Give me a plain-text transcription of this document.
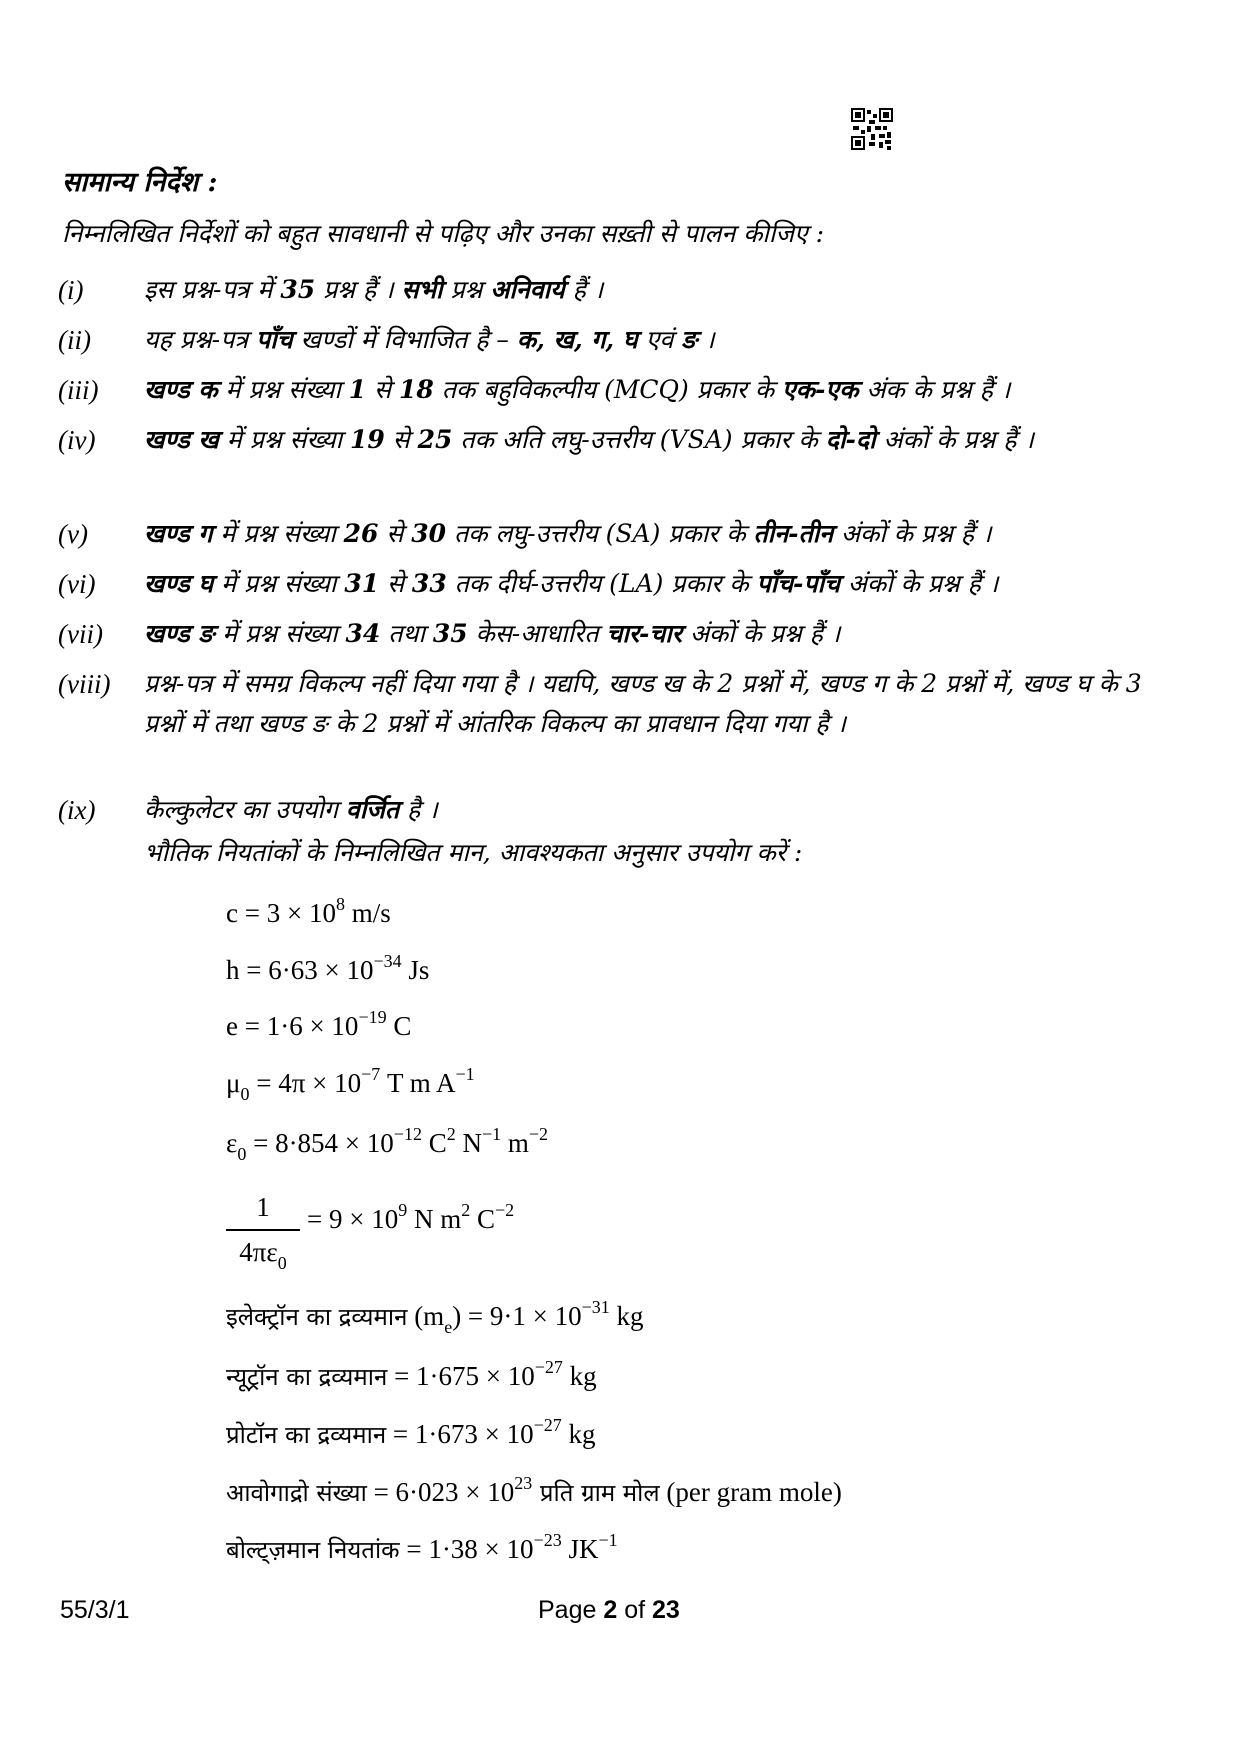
सामान्य निर्देश :
निम्नलिखित निर्देशों को बहुत सावधानी से पढ़िए और उनका सख़्ती से पालन कीजिए :
(i) इस प्रश्न-पत्र में 35 प्रश्न हैं । सभी प्रश्न अनिवार्य हैं ।
(ii) यह प्रश्न-पत्र पाँच खण्डों में विभाजित है – क, ख, ग, घ एवं ङ ।
(iii) खण्ड क में प्रश्न संख्या 1 से 18 तक बहुविकल्पीय (MCQ) प्रकार के एक-एक अंक के प्रश्न हैं ।
(iv) खण्ड ख में प्रश्न संख्या 19 से 25 तक अति लघु-उत्तरीय (VSA) प्रकार के दो-दो अंकों के प्रश्न हैं ।
(v) खण्ड ग में प्रश्न संख्या 26 से 30 तक लघु-उत्तरीय (SA) प्रकार के तीन-तीन अंकों के प्रश्न हैं ।
(vi) खण्ड घ में प्रश्न संख्या 31 से 33 तक दीर्घ-उत्तरीय (LA) प्रकार के पाँच-पाँच अंकों के प्रश्न हैं ।
(vii) खण्ड ङ में प्रश्न संख्या 34 तथा 35 केस-आधारित चार-चार अंकों के प्रश्न हैं ।
(viii) प्रश्न-पत्र में समग्र विकल्प नहीं दिया गया है । यद्यपि, खण्ड ख के 2 प्रश्नों में, खण्ड ग के 2 प्रश्नों में, खण्ड घ के 3 प्रश्नों में तथा खण्ड ङ के 2 प्रश्नों में आंतरिक विकल्प का प्रावधान दिया गया है ।
(ix) कैल्कुलेटर का उपयोग वर्जित है ।
भौतिक नियतांकों के निम्नलिखित मान, आवश्यकता अनुसार उपयोग करें :
$c = 3 \times 10^8$ m/s
$h = 6\cdot 63 \times 10^{-34}$ Js
$e = 1\cdot 6 \times 10^{-19}$ C
$\mu_0 = 4\pi \times 10^{-7}$ T m $A^{-1}$
$\varepsilon_0 = 8\cdot 854 \times 10^{-12}$ $C^2$ $N^{-1}$ $m^{-2}$
$\frac{1}{4\pi\varepsilon_0} = 9 \times 10^9$ N $m^2$ $C^{-2}$
इलेक्ट्रॉन का द्रव्यमान $(m_e) = 9\cdot 1 \times 10^{-31}$ kg
न्यूट्रॉन का द्रव्यमान = $1\cdot 675 \times 10^{-27}$ kg
प्रोटॉन का द्रव्यमान = $1\cdot 673 \times 10^{-27}$ kg
आवोगाद्रो संख्या = $6\cdot 023 \times 10^{23}$ प्रति ग्राम मोल (per gram mole)
बोल्ट्ज़मान नियतांक = $1\cdot 38 \times 10^{-23}$ $JK^{-1}$
55/3/1	Page 2 of 23
